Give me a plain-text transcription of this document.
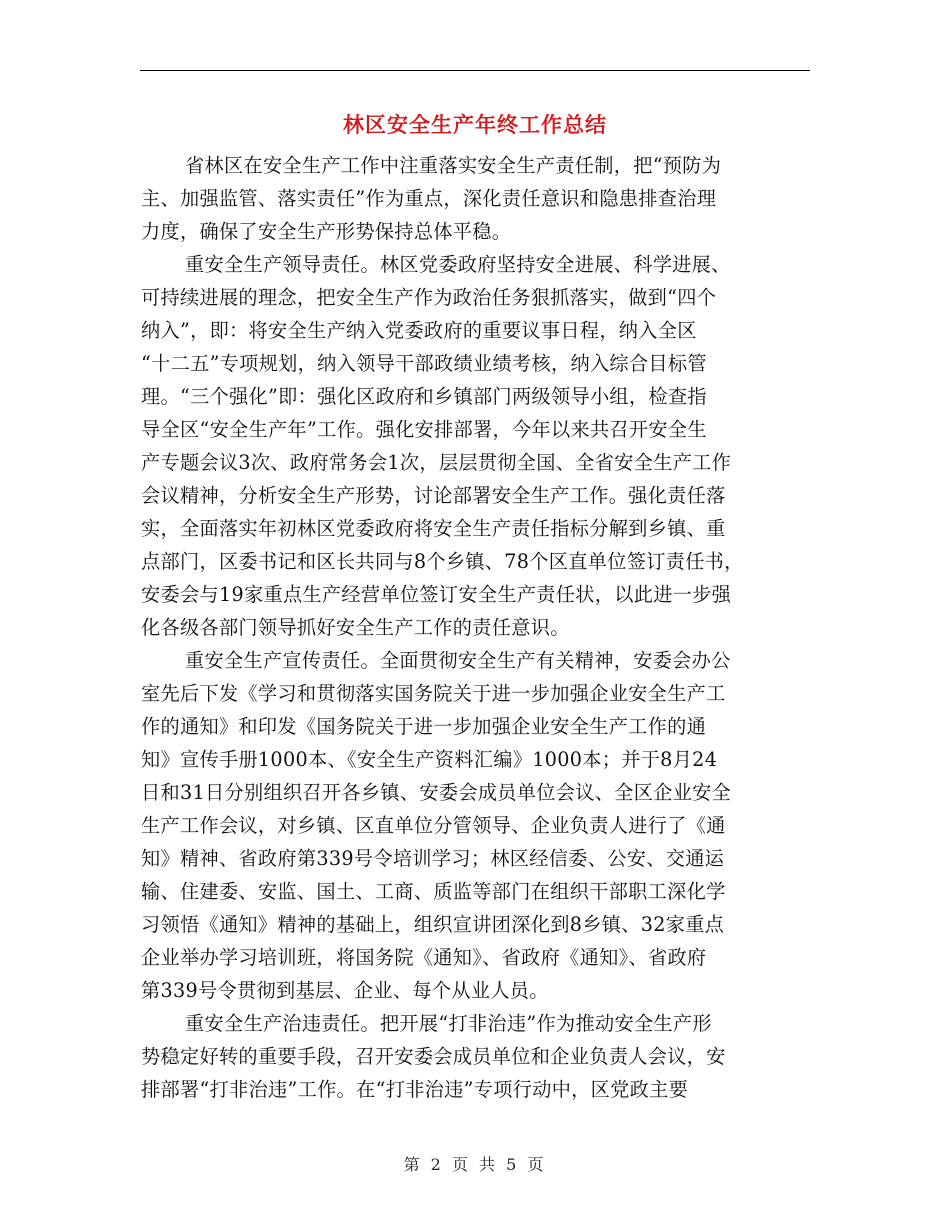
林区安全生产年终工作总结

省林区在安全生产工作中注重落实安全生产责任制，把“预防为
主、加强监管、落实责任”作为重点，深化责任意识和隐患排查治理
力度，确保了安全生产形势保持总体平稳。

重安全生产领导责任。林区党委政府坚持安全进展、科学进展、
可持续进展的理念，把安全生产作为政治任务狠抓落实，做到“四个
纳入”，即：将安全生产纳入党委政府的重要议事日程，纳入全区
“十二五”专项规划，纳入领导干部政绩业绩考核，纳入综合目标管
理。“三个强化”即：强化区政府和乡镇部门两级领导小组，检查指
导全区“安全生产年”工作。强化安排部署，今年以来共召开安全生
产专题会议3次、政府常务会1次，层层贯彻全国、全省安全生产工作
会议精神，分析安全生产形势，讨论部署安全生产工作。强化责任落
实，全面落实年初林区党委政府将安全生产责任指标分解到乡镇、重
点部门，区委书记和区长共同与8个乡镇、78个区直单位签订责任书，
安委会与19家重点生产经营单位签订安全生产责任状，以此进一步强
化各级各部门领导抓好安全生产工作的责任意识。

重安全生产宣传责任。全面贯彻安全生产有关精神，安委会办公
室先后下发《学习和贯彻落实国务院关于进一步加强企业安全生产工
作的通知》和印发《国务院关于进一步加强企业安全生产工作的通
知》宣传手册1000本、《安全生产资料汇编》1000本；并于8月24
日和31日分别组织召开各乡镇、安委会成员单位会议、全区企业安全
生产工作会议，对乡镇、区直单位分管领导、企业负责人进行了《通
知》精神、省政府第339号令培训学习；林区经信委、公安、交通运
输、住建委、安监、国土、工商、质监等部门在组织干部职工深化学
习领悟《通知》精神的基础上，组织宣讲团深化到8乡镇、32家重点
企业举办学习培训班，将国务院《通知》、省政府《通知》、省政府
第339号令贯彻到基层、企业、每个从业人员。

重安全生产治违责任。把开展“打非治违”作为推动安全生产形
势稳定好转的重要手段，召开安委会成员单位和企业负责人会议，安
排部署“打非治违”工作。在“打非治违”专项行动中，区党政主要

第 2 页 共 5 页
